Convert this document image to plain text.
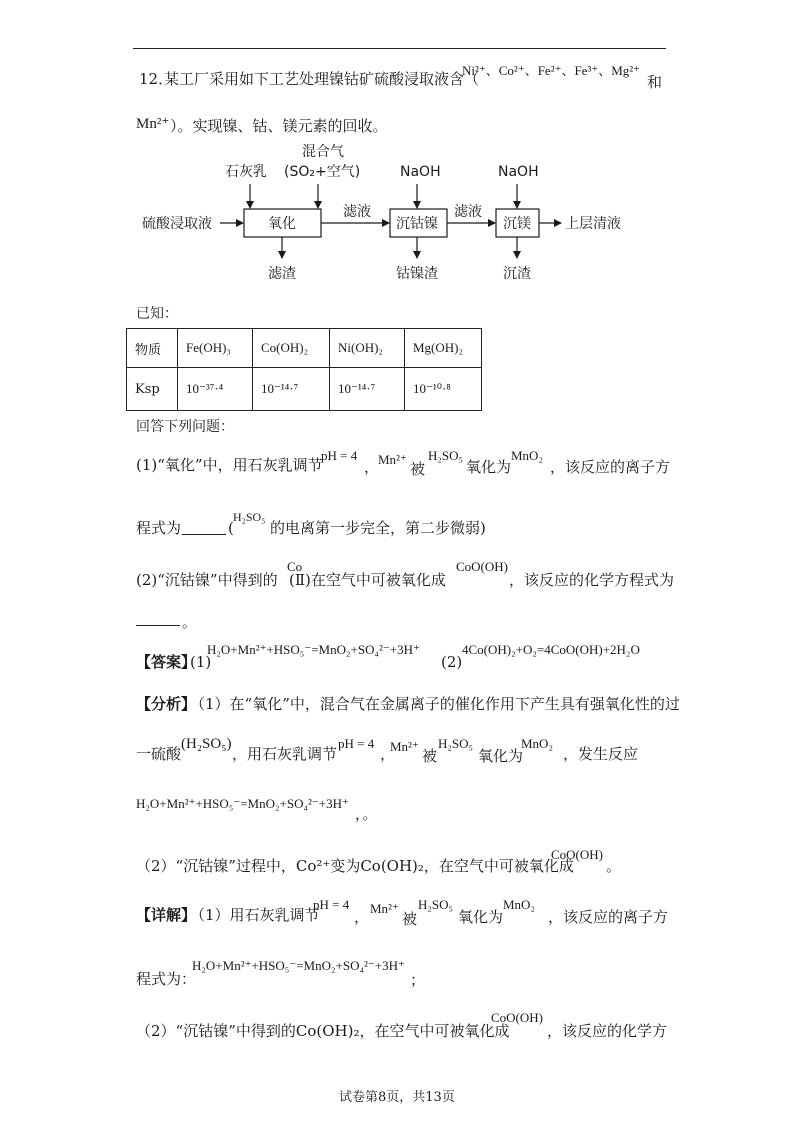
12．
某工厂采用如下工艺处理镍钴矿硫酸浸取液含（
Ni²⁺、Co²⁺、Fe²⁺、Fe³⁺、Mg²⁺
和
Mn²⁺ ）。实现镍、钴、镁元素的回收。
硫酸浸取液
石灰乳
混合气
(SO₂+空气)
氧化
滤液
滤渣
NaOH
沉钴镍
滤液
钴镍渣
NaOH
沉镁 上层清液
沉渣
已知：
物质	Fe(OH)₃	Co(OH)₂	Ni(OH)₂	Mg(OH)₂
Ksp	10⁻³⁷·⁴	10⁻¹⁴·⁷	10⁻¹⁴·⁷	10⁻¹⁰·⁸
回答下列问题：
(1)“氧化”中，用石灰乳调节
pH = 4
，
Mn²⁺
被
H₂SO₅
氧化为
MnO₂
，该反应的离子方
程式为	(
H₂SO₅
的电离第一步完全，第二步微弱)
(2)“沉钴镍”中得到的
Co
(Ⅱ)在空气中可被氧化成
CoO(OH)
，该反应的化学方程式为
。
【答案】
(1)
H₂O+Mn²⁺+HSO₅⁻=MnO₂+SO₄²⁻+3H⁺
(2)
4Co(OH)₂+O₂=4CoO(OH)+2H₂O
【分析】
（1）在“氧化”中，混合气在金属离子的催化作用下产生具有强氧化性的过
一硫酸
(H₂SO₅)
，用石灰乳调节
pH = 4
，
Mn²⁺
被
H₂SO₅
氧化为
MnO₂
，发生反应
H₂O+Mn²⁺+HSO₅⁻=MnO₂+SO₄²⁻+3H⁺
，。
（2）“沉钴镍”过程中，Co²⁺变为Co(OH)₂，在空气中可被氧化成
CoO(OH)
。
【详解】
（1）用石灰乳调节
pH = 4
， Mn²⁺
被
H₂SO₅
氧化为
MnO₂
，该反应的离子方
程式为：
H₂O+Mn²⁺+HSO₅⁻=MnO₂+SO₄²⁻+3H⁺
；
（2）“沉钴镍”中得到的Co(OH)₂，在空气中可被氧化成
CoO(OH)
，该反应的化学方
试卷第8页，共13页
